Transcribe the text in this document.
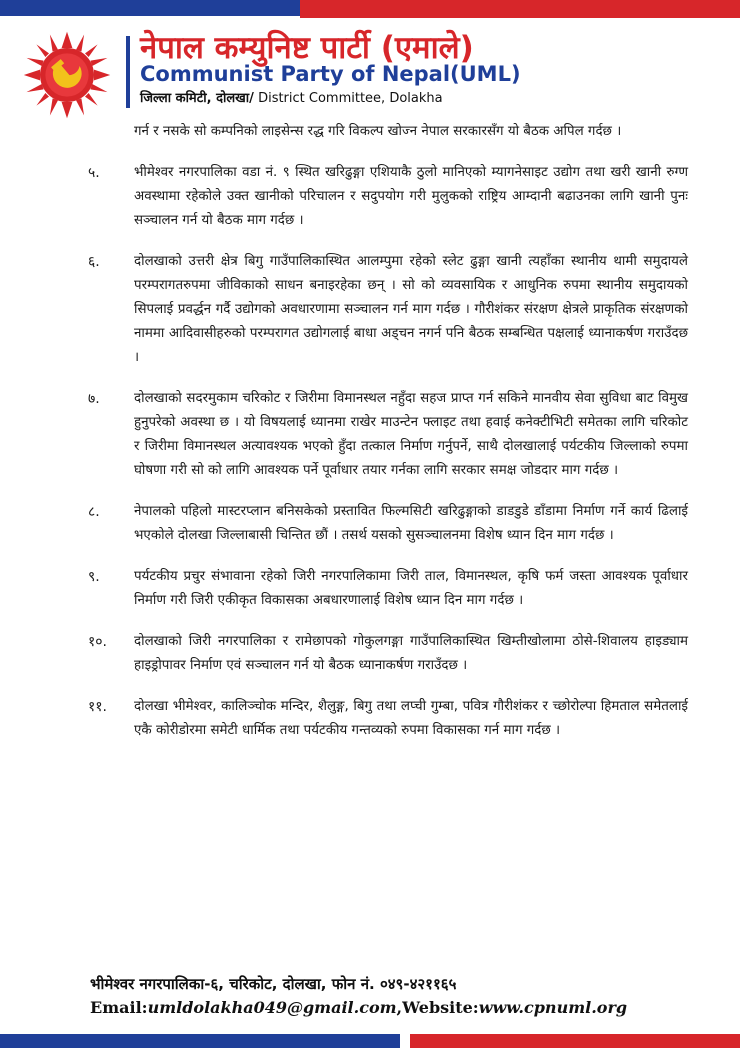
नेपाल कम्युनिष्ट पार्टी (एमाले)
Communist Party of Nepal(UML)
जिल्ला कमिटी, दोलखा/ District Committee, Dolakha
गर्न र नसके सो कम्पनिको लाइसेन्स रद्ध गरि विकल्प खोज्न नेपाल सरकारसँग यो बैठक अपिल गर्दछ ।
५.	भीमेश्वर नगरपालिका वडा नं. ९ स्थित खरिढुङ्गा एशियाकै ठुलो मानिएको म्यागनेसाइट उद्योग तथा खरी खानी रुग्ण अवस्थामा रहेकोले उक्त खानीको परिचालन र सदुपयोग गरी मुलुकको राष्ट्रिय आम्दानी बढाउनका लागि खानी पुनः सञ्चालन गर्न यो बैठक माग गर्दछ ।
६.	दोलखाको उत्तरी क्षेत्र बिगु गाउँपालिकास्थित आलम्पुमा रहेको स्लेट ढुङ्गा खानी त्यहाँका स्थानीय थामी समुदायले परम्परागतरुपमा जीविकाको साधन बनाइरहेका छन् । सो को व्यवसायिक र आधुनिक रुपमा स्थानीय समुदायको सिपलाई प्रवर्द्धन गर्दै उद्योगको अवधारणामा सञ्चालन गर्न माग गर्दछ । गौरीशंकर संरक्षण क्षेत्रले प्राकृतिक संरक्षणको नाममा आदिवासीहरुको परम्परागत उद्योगलाई बाधा अड्चन नगर्न पनि बैठक सम्बन्धित पक्षलाई ध्यानाकर्षण गराउँदछ ।
७.	दोलखाको सदरमुकाम चरिकोट र जिरीमा विमानस्थल नहुँदा सहज प्राप्त गर्न सकिने मानवीय सेवा सुविधा बाट विमुख हुनुपरेको अवस्था छ । यो विषयलाई ध्यानमा राखेर माउन्टेन फ्लाइट तथा हवाई कनेक्टीभिटी समेतका लागि चरिकोट र जिरीमा विमानस्थल अत्यावश्यक भएको हुँदा तत्काल निर्माण गर्नुपर्ने, साथै दोलखालाई पर्यटकीय जिल्लाको रुपमा घोषणा गरी सो को लागि आवश्यक पर्ने पूर्वाधार तयार गर्नका लागि सरकार समक्ष जोडदार माग गर्दछ ।
८.	नेपालको पहिलो मास्टरप्लान बनिसकेको प्रस्तावित फिल्मसिटी खरिढुङ्गाको डाडडुडे डाँडामा निर्माण गर्ने कार्य ढिलाई भएकोले दोलखा जिल्लाबासी चिन्तित छौं । तसर्थ यसको सुसञ्चालनमा विशेष ध्यान दिन माग गर्दछ ।
९.	पर्यटकीय प्रचुर संभावाना रहेको जिरी नगरपालिकामा जिरी ताल, विमानस्थल, कृषि फर्म जस्ता आवश्यक पूर्वाधार निर्माण गरी जिरी एकीकृत विकासका अबधारणालाई विशेष ध्यान दिन माग गर्दछ ।
१०.	दोलखाको जिरी नगरपालिका र रामेछापको गोकुलगङ्गा गाउँपालिकास्थित खिम्तीखोलामा ठोसे-शिवालय हाइड्याम हाइड्रोपावर निर्माण एवं सञ्चालन गर्न यो बैठक ध्यानाकर्षण गराउँदछ ।
११.	दोलखा भीमेश्वर, कालिञ्चोक मन्दिर, शैलुङ्ग, बिगु तथा लप्ची गुम्बा, पवित्र गौरीशंकर र च्छोरोल्पा हिमताल समेतलाई एकै कोरीडोरमा समेटी धार्मिक तथा पर्यटकीय गन्तव्यको रुपमा विकासका गर्न माग गर्दछ ।
भीमेश्वर नगरपालिका-६, चरिकोट, दोलखा, फोन नं. ०४९-४२११६५
Email:umldolakha049@gmail.com,Website:www.cpnuml.org
